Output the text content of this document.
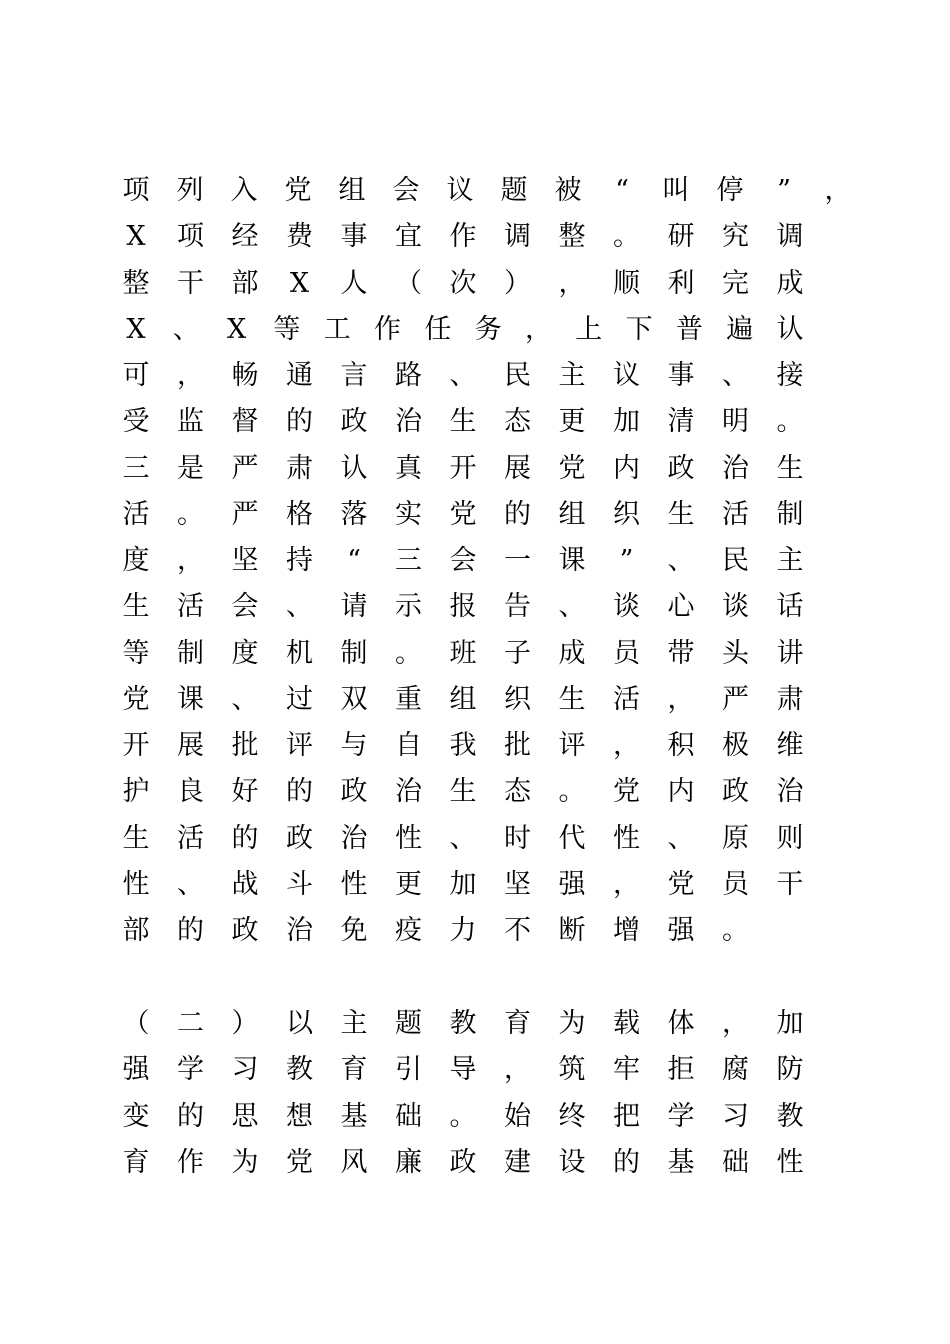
项 列 入 党 组 会 议 题 被	“	叫 停	”	，
X 项 经 费 事 宜 作 调 整 。 研 究 调
整 干 部 X 人 （ 次 ） ， 顺 利 完 成
X 、 X 等 工 作 任 务 ， 上 下 普 遍 认
可 ， 畅 通 言 路 、 民 主 议 事 、 接
受 监 督 的 政 治 生 态 更 加 清 明 。
三 是 严 肃 认 真 开 展 党 内 政 治 生
活 。 严 格 落 实 党 的 组 织 生 活 制
度 ， 坚 持	“	三 会 一 课	”	、 民 主
生 活 会 、 请 示 报 告 、 谈 心 谈 话
等 制 度 机 制 。 班 子 成 员 带 头 讲
党 课 、 过 双 重 组 织 生 活 ， 严 肃
开 展 批 评 与 自 我 批 评 ， 积 极 维
护 良 好 的 政 治 生 态 。 党 内 政 治
生 活 的 政 治 性 、 时 代 性 、 原 则
性 、 战 斗 性 更 加 坚 强 ， 党 员 干
部 的 政 治 免 疫 力 不 断 增 强 。
（ 二 ） 以 主 题 教 育 为 载 体 ， 加
强 学 习 教 育 引 导 ， 筑 牢 拒 腐 防
变 的 思 想 基 础 。 始 终 把 学 习 教
育 作 为 党 风 廉 政 建 设 的 基 础 性
